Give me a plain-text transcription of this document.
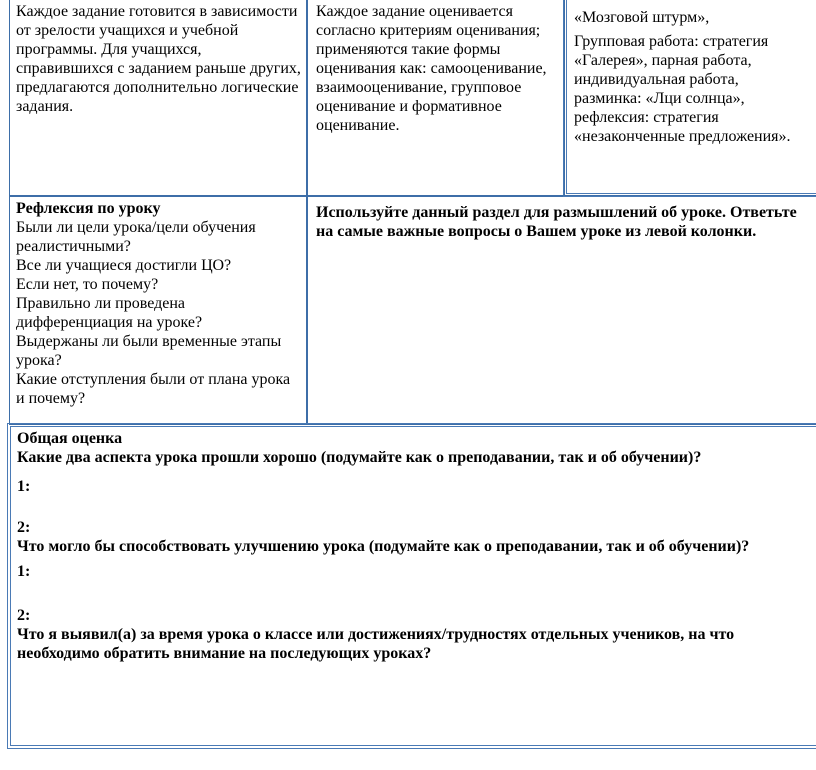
Каждое задание готовится в зависимости от зрелости учащихся и учебной программы. Для учащихся, справившихся с заданием раньше других, предлагаются дополнительно логические задания.

Каждое задание оценивается согласно критериям оценивания; применяются такие формы оценивания как: самооценивание, взаимооценивание, групповое оценивание и формативное оценивание.

«Мозговой штурм»,

Групповая работа: стратегия «Галерея», парная работа, индивидуальная работа, разминка: «Лци солнца», рефлексия: стратегия «незаконченные предложения».

Рефлексия по уроку

Были ли цели урока/цели обучения реалистичными?

Все ли учащиеся достигли ЦО?

Если нет, то почему?

Правильно ли проведена дифференциация на уроке?

Выдержаны ли были временные этапы урока?

Какие отступления были от плана урока и почему?

Используйте данный раздел для размышлений об уроке. Ответьте на самые важные вопросы о Вашем уроке из левой колонки.

Общая оценка

Какие два аспекта урока прошли хорошо (подумайте как о преподавании, так и об обучении)?

1:

2:

Что могло бы способствовать улучшению урока (подумайте как о преподавании, так и об обучении)?

1:

2:

Что я выявил(а) за время урока о классе или достижениях/трудностях отдельных учеников, на что необходимо обратить внимание на последующих уроках?
